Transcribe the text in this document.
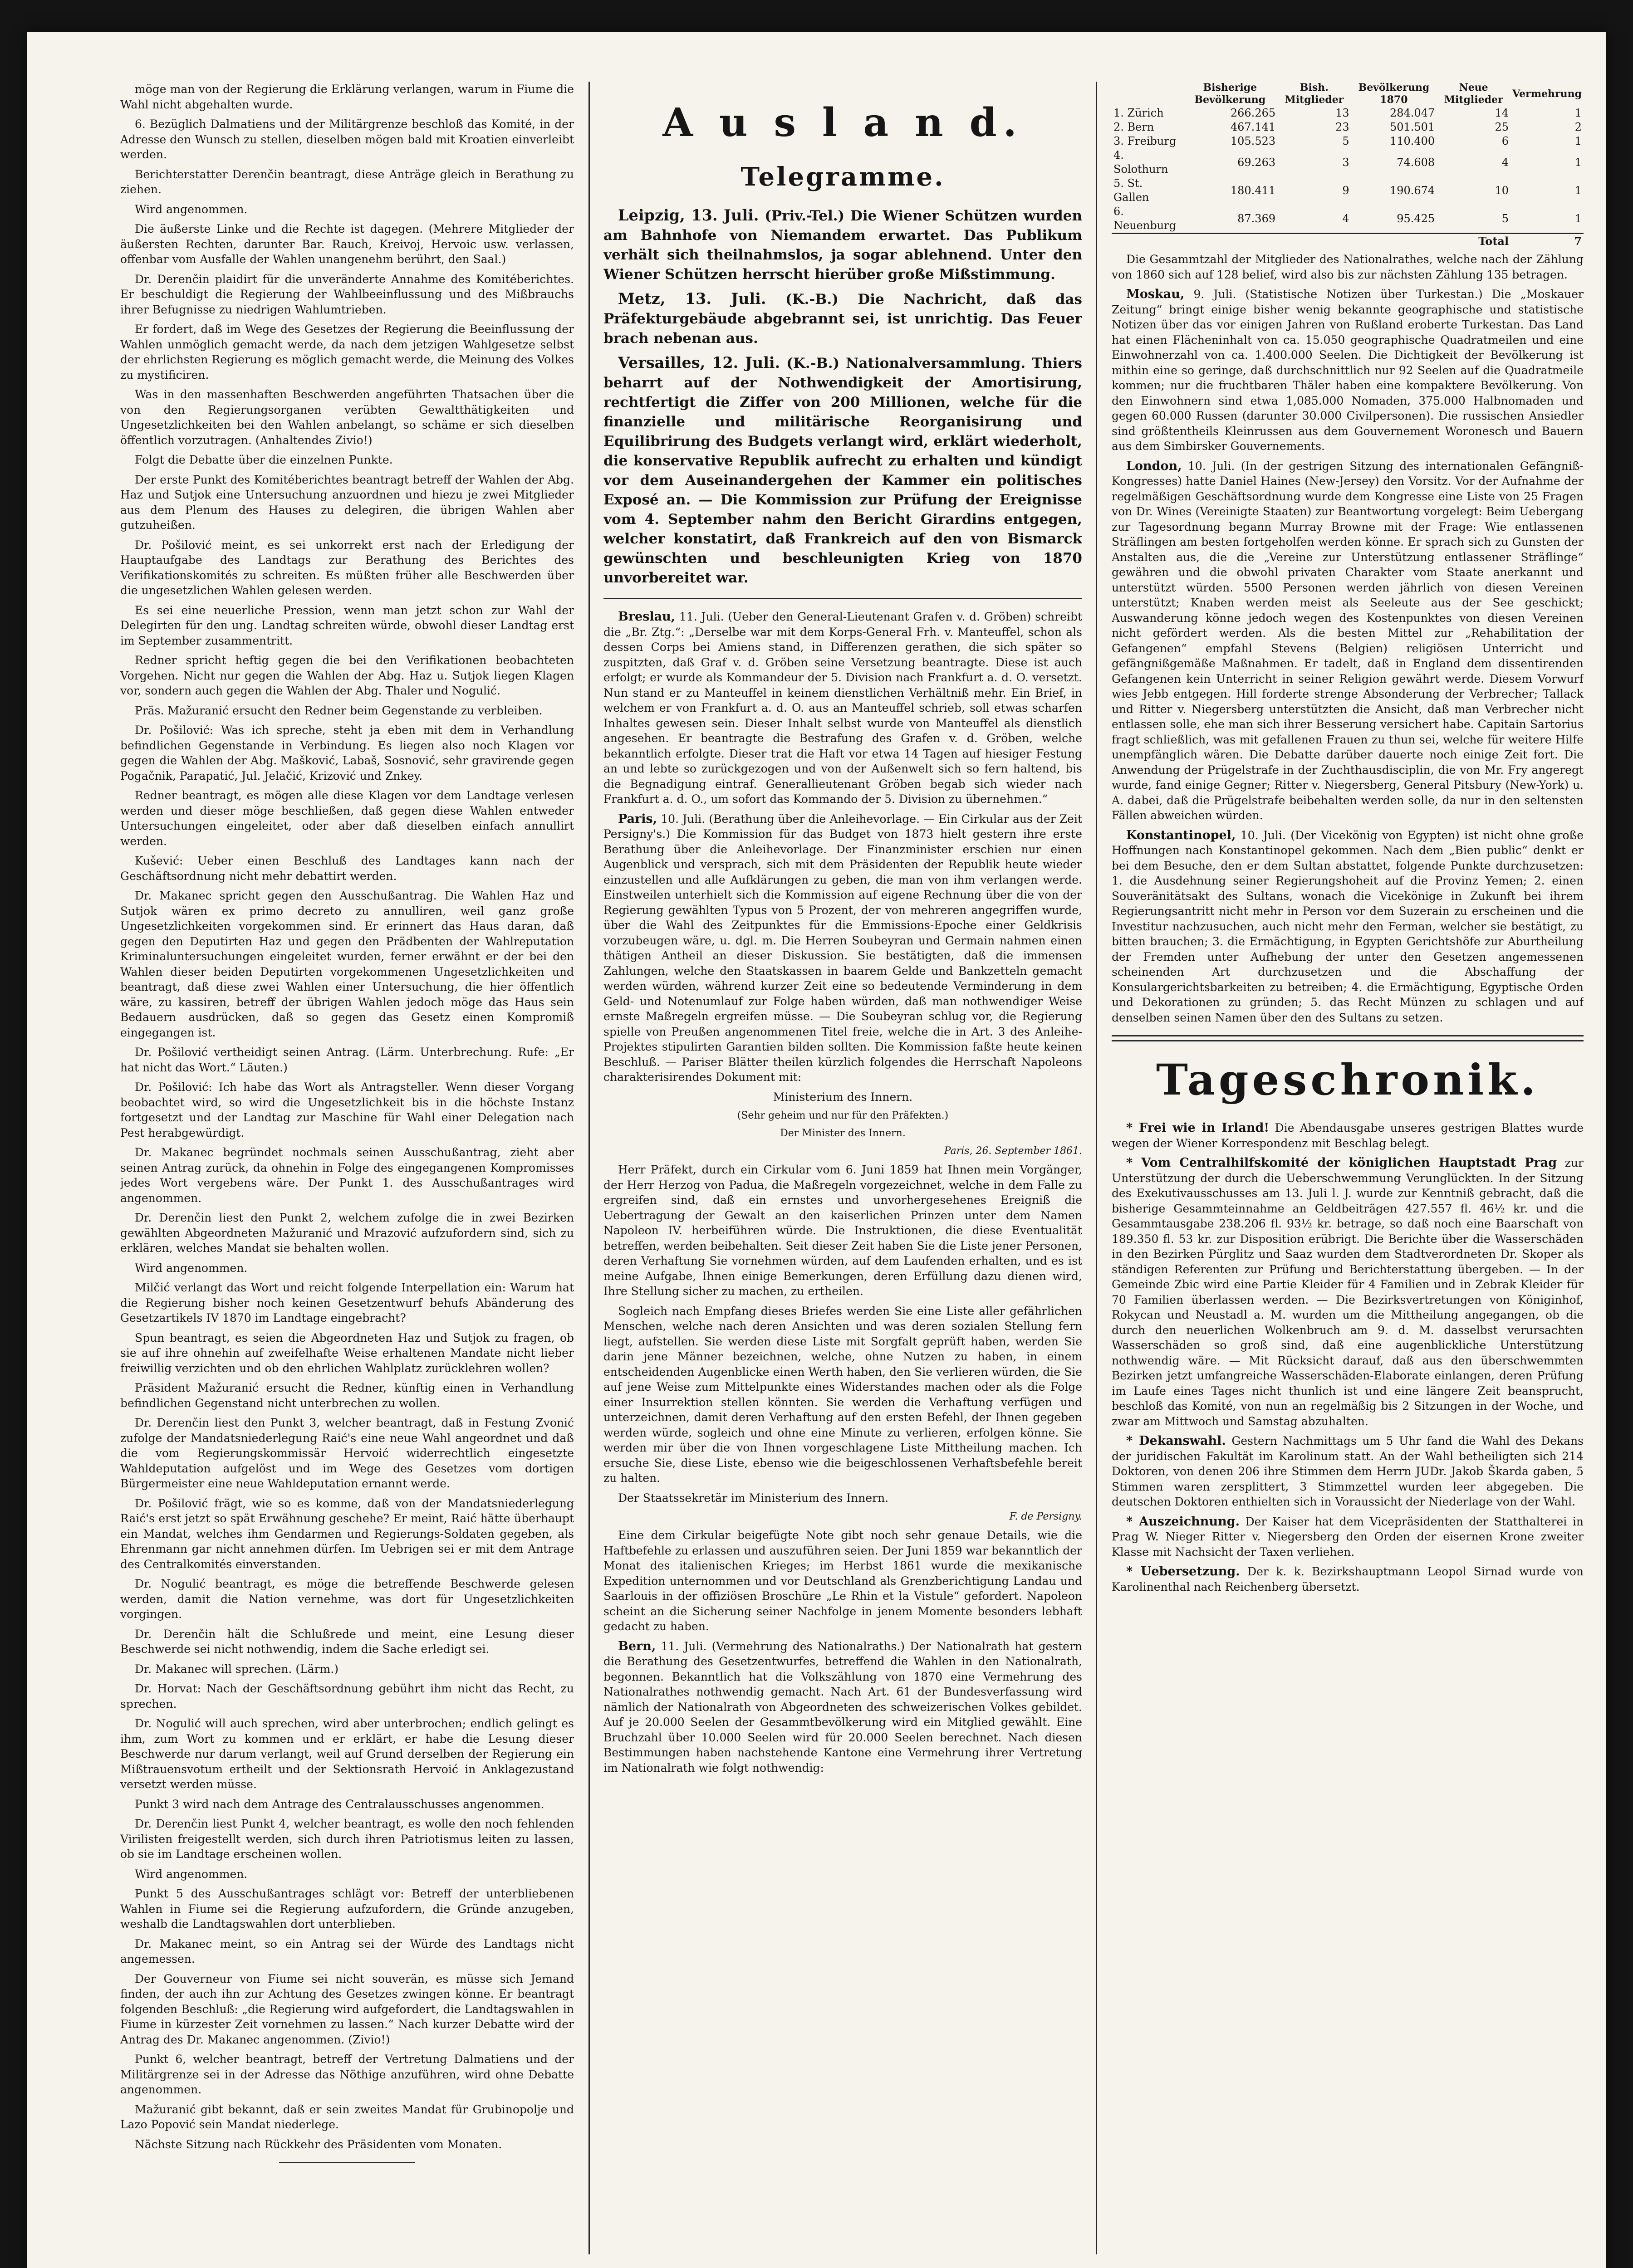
möge man von der Regierung die Erklärung verlangen, warum in Fiume die Wahl nicht abgehalten wurde.

6. Bezüglich Dalmatiens und der Militärgrenze beschloß das Komité, in der Adresse den Wunsch zu stellen, dieselben mögen bald mit Kroatien einverleibt werden.

Berichterstatter Derenčin beantragt, diese Anträge gleich in Berathung zu ziehen.

Wird angenommen.

Die äußerste Linke und die Rechte ist dagegen. (Mehrere Mitglieder der äußersten Rechten, darunter Bar. Rauch, Kreivoj, Hervoic usw. verlassen, offenbar vom Ausfalle der Wahlen unangenehm berührt, den Saal.)

Dr. Derenčin plaidirt für die unveränderte Annahme des Komitéberichtes. Er beschuldigt die Regierung der Wahlbeeinflussung und des Mißbrauchs ihrer Befugnisse zu niedrigen Wahlumtrieben.

Er fordert, daß im Wege des Gesetzes der Regierung die Beeinflussung der Wahlen unmöglich gemacht werde, da nach dem jetzigen Wahlgesetze selbst der ehrlichsten Regierung es möglich gemacht werde, die Meinung des Volkes zu mystificiren.

Was in den massenhaften Beschwerden angeführten Thatsachen über die von den Regierungsorganen verübten Gewaltthätigkeiten und Ungesetzlichkeiten bei den Wahlen anbelangt, so schäme er sich dieselben öffentlich vorzutragen. (Anhaltendes Zivio!)

Folgt die Debatte über die einzelnen Punkte.

Der erste Punkt des Komitéberichtes beantragt betreff der Wahlen der Abg. Haz und Sutjok eine Untersuchung anzuordnen und hiezu je zwei Mitglieder aus dem Plenum des Hauses zu delegiren, die übrigen Wahlen aber gutzuheißen.

Dr. Pošilović meint, es sei unkorrekt erst nach der Erledigung der Hauptaufgabe des Landtags zur Berathung des Berichtes des Verifikationskomités zu schreiten. Es müßten früher alle Beschwerden über die ungesetzlichen Wahlen gelesen werden.

Es sei eine neuerliche Pression, wenn man jetzt schon zur Wahl der Delegirten für den ung. Landtag schreiten würde, obwohl dieser Landtag erst im September zusammentritt.

Redner spricht heftig gegen die bei den Verifikationen beobachteten Vorgehen. Nicht nur gegen die Wahlen der Abg. Haz u. Sutjok liegen Klagen vor, sondern auch gegen die Wahlen der Abg. Thaler und Nogulić.

Präs. Mažuranić ersucht den Redner beim Gegenstande zu verbleiben.

Dr. Pošilović: Was ich spreche, steht ja eben mit dem in Verhandlung befindlichen Gegenstande in Verbindung. Es liegen also noch Klagen vor gegen die Wahlen der Abg. Mašković, Labaš, Sosnović, sehr gravirende gegen Pogačnik, Parapatić, Jul. Jelačić, Krizović und Znkey.

Redner beantragt, es mögen alle diese Klagen vor dem Landtage verlesen werden und dieser möge beschließen, daß gegen diese Wahlen entweder Untersuchungen eingeleitet, oder aber daß dieselben einfach annullirt werden.

Kušević: Ueber einen Beschluß des Landtages kann nach der Geschäftsordnung nicht mehr debattirt werden.

Dr. Makanec spricht gegen den Ausschußantrag. Die Wahlen Haz und Sutjok wären ex primo decreto zu annulliren, weil ganz große Ungesetzlichkeiten vorgekommen sind. Er erinnert das Haus daran, daß gegen den Deputirten Haz und gegen den Prädbenten der Wahlreputation Kriminaluntersuchungen eingeleitet wurden, ferner erwähnt er der bei den Wahlen dieser beiden Deputirten vorgekommenen Ungesetzlichkeiten und beantragt, daß diese zwei Wahlen einer Untersuchung, die hier öffentlich wäre, zu kassiren, betreff der übrigen Wahlen jedoch möge das Haus sein Bedauern ausdrücken, daß so gegen das Gesetz einen Kompromiß eingegangen ist.

Dr. Pošilović vertheidigt seinen Antrag. (Lärm. Unterbrechung. Rufe: „Er hat nicht das Wort.“ Läuten.)

Dr. Pošilović: Ich habe das Wort als Antragsteller. Wenn dieser Vorgang beobachtet wird, so wird die Ungesetzlichkeit bis in die höchste Instanz fortgesetzt und der Landtag zur Maschine für Wahl einer Delegation nach Pest herabgewürdigt.

Dr. Makanec begründet nochmals seinen Ausschußantrag, zieht aber seinen Antrag zurück, da ohnehin in Folge des eingegangenen Kompromisses jedes Wort vergebens wäre. Der Punkt 1. des Ausschußantrages wird angenommen.

Dr. Derenčin liest den Punkt 2, welchem zufolge die in zwei Bezirken gewählten Abgeordneten Mažuranić und Mrazović aufzufordern sind, sich zu erklären, welches Mandat sie behalten wollen.

Wird angenommen.

Milčić verlangt das Wort und reicht folgende Interpellation ein: Warum hat die Regierung bisher noch keinen Gesetzentwurf behufs Abänderung des Gesetzartikels IV 1870 im Landtage eingebracht?

Spun beantragt, es seien die Abgeordneten Haz und Sutjok zu fragen, ob sie auf ihre ohnehin auf zweifelhafte Weise erhaltenen Mandate nicht lieber freiwillig verzichten und ob den ehrlichen Wahlplatz zurücklehren wollen?

Präsident Mažuranić ersucht die Redner, künftig einen in Verhandlung befindlichen Gegenstand nicht unterbrechen zu wollen.

Dr. Derenčin liest den Punkt 3, welcher beantragt, daß in Festung Zvonić zufolge der Mandatsniederlegung Raić's eine neue Wahl angeordnet und daß die vom Regierungskommissär Hervoić widerrechtlich eingesetzte Wahldeputation aufgelöst und im Wege des Gesetzes vom dortigen Bürgermeister eine neue Wahldeputation ernannt werde.

Dr. Pošilović frägt, wie so es komme, daß von der Mandatsniederlegung Raić's erst jetzt so spät Erwähnung geschehe? Er meint, Raić hätte überhaupt ein Mandat, welches ihm Gendarmen und Regierungs-Soldaten gegeben, als Ehrenmann gar nicht annehmen dürfen. Im Uebrigen sei er mit dem Antrage des Centralkomités einverstanden.

Dr. Nogulić beantragt, es möge die betreffende Beschwerde gelesen werden, damit die Nation vernehme, was dort für Ungesetzlichkeiten vorgingen.

Dr. Derenčin hält die Schlußrede und meint, eine Lesung dieser Beschwerde sei nicht nothwendig, indem die Sache erledigt sei.

Dr. Makanec will sprechen. (Lärm.)

Dr. Horvat: Nach der Geschäftsordnung gebührt ihm nicht das Recht, zu sprechen.

Dr. Nogulić will auch sprechen, wird aber unterbrochen; endlich gelingt es ihm, zum Wort zu kommen und er erklärt, er habe die Lesung dieser Beschwerde nur darum verlangt, weil auf Grund derselben der Regierung ein Mißtrauensvotum ertheilt und der Sektionsrath Hervoić in Anklagezustand versetzt werden müsse.

Punkt 3 wird nach dem Antrage des Centralausschusses angenommen.

Dr. Derenčin liest Punkt 4, welcher beantragt, es wolle den noch fehlenden Virilisten freigestellt werden, sich durch ihren Patriotismus leiten zu lassen, ob sie im Landtage erscheinen wollen.

Wird angenommen.

Punkt 5 des Ausschußantrages schlägt vor: Betreff der unterbliebenen Wahlen in Fiume sei die Regierung aufzufordern, die Gründe anzugeben, weshalb die Landtagswahlen dort unterblieben.

Dr. Makanec meint, so ein Antrag sei der Würde des Landtags nicht angemessen.

Der Gouverneur von Fiume sei nicht souverän, es müsse sich Jemand finden, der auch ihn zur Achtung des Gesetzes zwingen könne. Er beantragt folgenden Beschluß: „die Regierung wird aufgefordert, die Landtagswahlen in Fiume in kürzester Zeit vornehmen zu lassen.“ Nach kurzer Debatte wird der Antrag des Dr. Makanec angenommen. (Zivio!)

Punkt 6, welcher beantragt, betreff der Vertretung Dalmatiens und der Militärgrenze sei in der Adresse das Nöthige anzuführen, wird ohne Debatte angenommen.

Mažuranić gibt bekannt, daß er sein zweites Mandat für Grubinopolje und Lazo Popović sein Mandat niederlege.

Nächste Sitzung nach Rückkehr des Präsidenten vom Monaten.

A u s l a n d.
Telegramme.

Leipzig, 13. Juli. (Priv.-Tel.) Die Wiener Schützen wurden am Bahnhofe von Niemandem erwartet. Das Publikum verhält sich theilnahmslos, ja sogar ablehnend. Unter den Wiener Schützen herrscht hierüber große Mißstimmung.

Metz, 13. Juli. (K.-B.) Die Nachricht, daß das Präfekturgebäude abgebrannt sei, ist unrichtig. Das Feuer brach nebenan aus.

Versailles, 12. Juli. (K.-B.) Nationalversammlung. Thiers beharrt auf der Nothwendigkeit der Amortisirung, rechtfertigt die Ziffer von 200 Millionen, welche für die finanzielle und militärische Reorganisirung und Equilibrirung des Budgets verlangt wird, erklärt wiederholt, die konservative Republik aufrecht zu erhalten und kündigt vor dem Auseinandergehen der Kammer ein politisches Exposé an. — Die Kommission zur Prüfung der Ereignisse vom 4. September nahm den Bericht Girardins entgegen, welcher konstatirt, daß Frankreich auf den von Bismarck gewünschten und beschleunigten Krieg von 1870 unvorbereitet war.

Breslau, 11. Juli. (Ueber den General-Lieutenant Grafen v. d. Gröben) schreibt die „Br. Ztg.“: „Derselbe war mit dem Korps-General Frh. v. Manteuffel, schon als dessen Corps bei Amiens stand, in Differenzen gerathen, die sich später so zuspitzten, daß Graf v. d. Gröben seine Versetzung beantragte. Diese ist auch erfolgt; er wurde als Kommandeur der 5. Division nach Frankfurt a. d. O. versetzt. Nun stand er zu Manteuffel in keinem dienstlichen Verhältniß mehr. Ein Brief, in welchem er von Frankfurt a. d. O. aus an Manteuffel schrieb, soll etwas scharfen Inhaltes gewesen sein. Dieser Inhalt selbst wurde von Manteuffel als dienstlich angesehen. Er beantragte die Bestrafung des Grafen v. d. Gröben, welche bekanntlich erfolgte. Dieser trat die Haft vor etwa 14 Tagen auf hiesiger Festung an und lebte so zurückgezogen und von der Außenwelt sich so fern haltend, bis die Begnadigung eintraf. Generallieutenant Gröben begab sich wieder nach Frankfurt a. d. O., um sofort das Kommando der 5. Division zu übernehmen.“

Paris, 10. Juli. (Berathung über die Anleihevorlage. — Ein Cirkular aus der Zeit Persigny's.) Die Kommission für das Budget von 1873 hielt gestern ihre erste Berathung über die Anleihevorlage. Der Finanzminister erschien nur einen Augenblick und versprach, sich mit dem Präsidenten der Republik heute wieder einzustellen und alle Aufklärungen zu geben, die man von ihm verlangen werde. Einstweilen unterhielt sich die Kommission auf eigene Rechnung über die von der Regierung gewählten Typus von 5 Prozent, der von mehreren angegriffen wurde, über die Wahl des Zeitpunktes für die Emmissions-Epoche einer Geldkrisis vorzubeugen wäre, u. dgl. m. Die Herren Soubeyran und Germain nahmen einen thätigen Antheil an dieser Diskussion. Sie bestätigten, daß die immensen Zahlungen, welche den Staatskassen in baarem Gelde und Bankzetteln gemacht werden würden, während kurzer Zeit eine so bedeutende Verminderung in dem Geld- und Notenumlauf zur Folge haben würden, daß man nothwendiger Weise ernste Maßregeln ergreifen müsse. — Die Soubeyran schlug vor, die Regierung spielle von Preußen angenommenen Titel freie, welche die in Art. 3 des Anleihe-Projektes stipulirten Garantien bilden sollten. Die Kommission faßte heute keinen Beschluß. — Pariser Blätter theilen kürzlich folgendes die Herrschaft Napoleons charakterisirendes Dokument mit:

Ministerium des Innern.

(Sehr geheim und nur für den Präfekten.)

Der Minister des Innern.

Paris, 26. September 1861.

Herr Präfekt, durch ein Cirkular vom 6. Juni 1859 hat Ihnen mein Vorgänger, der Herr Herzog von Padua, die Maßregeln vorgezeichnet, welche in dem Falle zu ergreifen sind, daß ein ernstes und unvorhergesehenes Ereigniß die Uebertragung der Gewalt an den kaiserlichen Prinzen unter dem Namen Napoleon IV. herbeiführen würde. Die Instruktionen, die diese Eventualität betreffen, werden beibehalten. Seit dieser Zeit haben Sie die Liste jener Personen, deren Verhaftung Sie vornehmen würden, auf dem Laufenden erhalten, und es ist meine Aufgabe, Ihnen einige Bemerkungen, deren Erfüllung dazu dienen wird, Ihre Stellung sicher zu machen, zu ertheilen.

Sogleich nach Empfang dieses Briefes werden Sie eine Liste aller gefährlichen Menschen, welche nach deren Ansichten und was deren sozialen Stellung fern liegt, aufstellen. Sie werden diese Liste mit Sorgfalt geprüft haben, werden Sie darin jene Männer bezeichnen, welche, ohne Nutzen zu haben, in einem entscheidenden Augenblicke einen Werth haben, den Sie verlieren würden, die Sie auf jene Weise zum Mittelpunkte eines Widerstandes machen oder als die Folge einer Insurrektion stellen könnten. Sie werden die Verhaftung verfügen und unterzeichnen, damit deren Verhaftung auf den ersten Befehl, der Ihnen gegeben werden würde, sogleich und ohne eine Minute zu verlieren, erfolgen könne. Sie werden mir über die von Ihnen vorgeschlagene Liste Mittheilung machen. Ich ersuche Sie, diese Liste, ebenso wie die beigeschlossenen Verhaftsbefehle bereit zu halten.

Der Staatssekretär im Ministerium des Innern.

F. de Persigny.

Eine dem Cirkular beigefügte Note gibt noch sehr genaue Details, wie die Haftbefehle zu erlassen und auszuführen seien. Der Juni 1859 war bekanntlich der Monat des italienischen Krieges; im Herbst 1861 wurde die mexikanische Expedition unternommen und vor Deutschland als Grenzberichtigung Landau und Saarlouis in der offiziösen Broschüre „Le Rhin et la Vistule“ gefordert. Napoleon scheint an die Sicherung seiner Nachfolge in jenem Momente besonders lebhaft gedacht zu haben.

Bern, 11. Juli. (Vermehrung des Nationalraths.) Der Nationalrath hat gestern die Berathung des Gesetzentwurfes, betreffend die Wahlen in den Nationalrath, begonnen. Bekanntlich hat die Volkszählung von 1870 eine Vermehrung des Nationalrathes nothwendig gemacht. Nach Art. 61 der Bundesverfassung wird nämlich der Nationalrath von Abgeordneten des schweizerischen Volkes gebildet. Auf je 20.000 Seelen der Gesammtbevölkerung wird ein Mitglied gewählt. Eine Bruchzahl über 10.000 Seelen wird für 20.000 Seelen berechnet. Nach diesen Bestimmungen haben nachstehende Kantone eine Vermehrung ihrer Vertretung im Nationalrath wie folgt nothwendig:

	Bisherige Bevölkerung	Bish. Mitglieder	Bevölkerung 1870	Neue Mitglieder	Vermehrung
1. Zürich	266.265	13	284.047	14	1
2. Bern	467.141	23	501.501	25	2
3. Freiburg	105.523	5	110.400	6	1
4. Solothurn	69.263	3	74.608	4	1
5. St. Gallen	180.411	9	190.674	10	1
6. Neuenburg	87.369	4	95.425	5	1
				Total	7

Die Gesammtzahl der Mitglieder des Nationalrathes, welche nach der Zählung von 1860 sich auf 128 belief, wird also bis zur nächsten Zählung 135 betragen.

Moskau, 9. Juli. (Statistische Notizen über Turkestan.) Die „Moskauer Zeitung“ bringt einige bisher wenig bekannte geographische und statistische Notizen über das vor einigen Jahren von Rußland eroberte Turkestan. Das Land hat einen Flächeninhalt von ca. 15.050 geographische Quadratmeilen und eine Einwohnerzahl von ca. 1.400.000 Seelen. Die Dichtigkeit der Bevölkerung ist mithin eine so geringe, daß durchschnittlich nur 92 Seelen auf die Quadratmeile kommen; nur die fruchtbaren Thäler haben eine kompaktere Bevölkerung. Von den Einwohnern sind etwa 1,085.000 Nomaden, 375.000 Halbnomaden und gegen 60.000 Russen (darunter 30.000 Civilpersonen). Die russischen Ansiedler sind größtentheils Kleinrussen aus dem Gouvernement Woronesch und Bauern aus dem Simbirsker Gouvernements.

London, 10. Juli. (In der gestrigen Sitzung des internationalen Gefängniß-Kongresses) hatte Daniel Haines (New-Jersey) den Vorsitz. Vor der Aufnahme der regelmäßigen Geschäftsordnung wurde dem Kongresse eine Liste von 25 Fragen von Dr. Wines (Vereinigte Staaten) zur Beantwortung vorgelegt: Beim Uebergang zur Tagesordnung begann Murray Browne mit der Frage: Wie entlassenen Sträflingen am besten fortgeholfen werden könne. Er sprach sich zu Gunsten der Anstalten aus, die die „Vereine zur Unterstützung entlassener Sträflinge“ gewähren und die obwohl privaten Charakter vom Staate anerkannt und unterstützt würden. 5500 Personen werden jährlich von diesen Vereinen unterstützt; Knaben werden meist als Seeleute aus der See geschickt; Auswanderung könne jedoch wegen des Kostenpunktes von diesen Vereinen nicht gefördert werden. Als die besten Mittel zur „Rehabilitation der Gefangenen“ empfahl Stevens (Belgien) religiösen Unterricht und gefängnißgemäße Maßnahmen. Er tadelt, daß in England dem dissentirenden Gefangenen kein Unterricht in seiner Religion gewährt werde. Diesem Vorwurf wies Jebb entgegen. Hill forderte strenge Absonderung der Verbrecher; Tallack und Ritter v. Niegersberg unterstützten die Ansicht, daß man Verbrecher nicht entlassen solle, ehe man sich ihrer Besserung versichert habe. Capitain Sartorius fragt schließlich, was mit gefallenen Frauen zu thun sei, welche für weitere Hilfe unempfänglich wären. Die Debatte darüber dauerte noch einige Zeit fort. Die Anwendung der Prügelstrafe in der Zuchthausdisciplin, die von Mr. Fry angeregt wurde, fand einige Gegner; Ritter v. Niegersberg, General Pitsbury (New-York) u. A. dabei, daß die Prügelstrafe beibehalten werden solle, da nur in den seltensten Fällen abweichen würden.

Konstantinopel, 10. Juli. (Der Vicekönig von Egypten) ist nicht ohne große Hoffnungen nach Konstantinopel gekommen. Nach dem „Bien public“ denkt er bei dem Besuche, den er dem Sultan abstattet, folgende Punkte durchzusetzen: 1. die Ausdehnung seiner Regierungshoheit auf die Provinz Yemen; 2. einen Souveränitätsakt des Sultans, wonach die Vicekönige in Zukunft bei ihrem Regierungsantritt nicht mehr in Person vor dem Suzerain zu erscheinen und die Investitur nachzusuchen, auch nicht mehr den Ferman, welcher sie bestätigt, zu bitten brauchen; 3. die Ermächtigung, in Egypten Gerichtshöfe zur Aburtheilung der Fremden unter Aufhebung der unter den Gesetzen angemessenen scheinenden Art durchzusetzen und die Abschaffung der Konsulargerichtsbarkeiten zu betreiben; 4. die Ermächtigung, Egyptische Orden und Dekorationen zu gründen; 5. das Recht Münzen zu schlagen und auf denselben seinen Namen über den des Sultans zu setzen.

Tageschronik.

* Frei wie in Irland! Die Abendausgabe unseres gestrigen Blattes wurde wegen der Wiener Korrespondenz mit Beschlag belegt.

* Vom Centralhilfskomité der königlichen Hauptstadt Prag zur Unterstützung der durch die Ueberschwemmung Verunglückten. In der Sitzung des Exekutivausschusses am 13. Juli l. J. wurde zur Kenntniß gebracht, daß die bisherige Gesammteinnahme an Geldbeiträgen 427.557 fl. 46½ kr. und die Gesammtausgabe 238.206 fl. 93½ kr. betrage, so daß noch eine Baarschaft von 189.350 fl. 53 kr. zur Disposition erübrigt. Die Berichte über die Wasserschäden in den Bezirken Pürglitz und Saaz wurden dem Stadtverordneten Dr. Skoper als ständigen Referenten zur Prüfung und Berichterstattung übergeben. — In der Gemeinde Zbic wird eine Partie Kleider für 4 Familien und in Zebrak Kleider für 70 Familien überlassen werden. — Die Bezirksvertretungen von Königinhof, Rokycan und Neustadl a. M. wurden um die Mittheilung angegangen, ob die durch den neuerlichen Wolkenbruch am 9. d. M. dasselbst verursachten Wasserschäden so groß sind, daß eine augenblickliche Unterstützung nothwendig wäre. — Mit Rücksicht darauf, daß aus den überschwemmten Bezirken jetzt umfangreiche Wasserschäden-Elaborate einlangen, deren Prüfung im Laufe eines Tages nicht thunlich ist und eine längere Zeit beansprucht, beschloß das Komité, von nun an regelmäßig bis 2 Sitzungen in der Woche, und zwar am Mittwoch und Samstag abzuhalten.

* Dekanswahl. Gestern Nachmittags um 5 Uhr fand die Wahl des Dekans der juridischen Fakultät im Karolinum statt. An der Wahl betheiligten sich 214 Doktoren, von denen 206 ihre Stimmen dem Herrn JUDr. Jakob Škarda gaben, 5 Stimmen waren zersplittert, 3 Stimmzettel wurden leer abgegeben. Die deutschen Doktoren enthielten sich in Voraussicht der Niederlage von der Wahl.

* Auszeichnung. Der Kaiser hat dem Vicepräsidenten der Statthalterei in Prag W. Nieger Ritter v. Niegersberg den Orden der eisernen Krone zweiter Klasse mit Nachsicht der Taxen verliehen.

* Uebersetzung. Der k. k. Bezirkshauptmann Leopol Sirnad wurde von Karolinenthal nach Reichenberg übersetzt.
